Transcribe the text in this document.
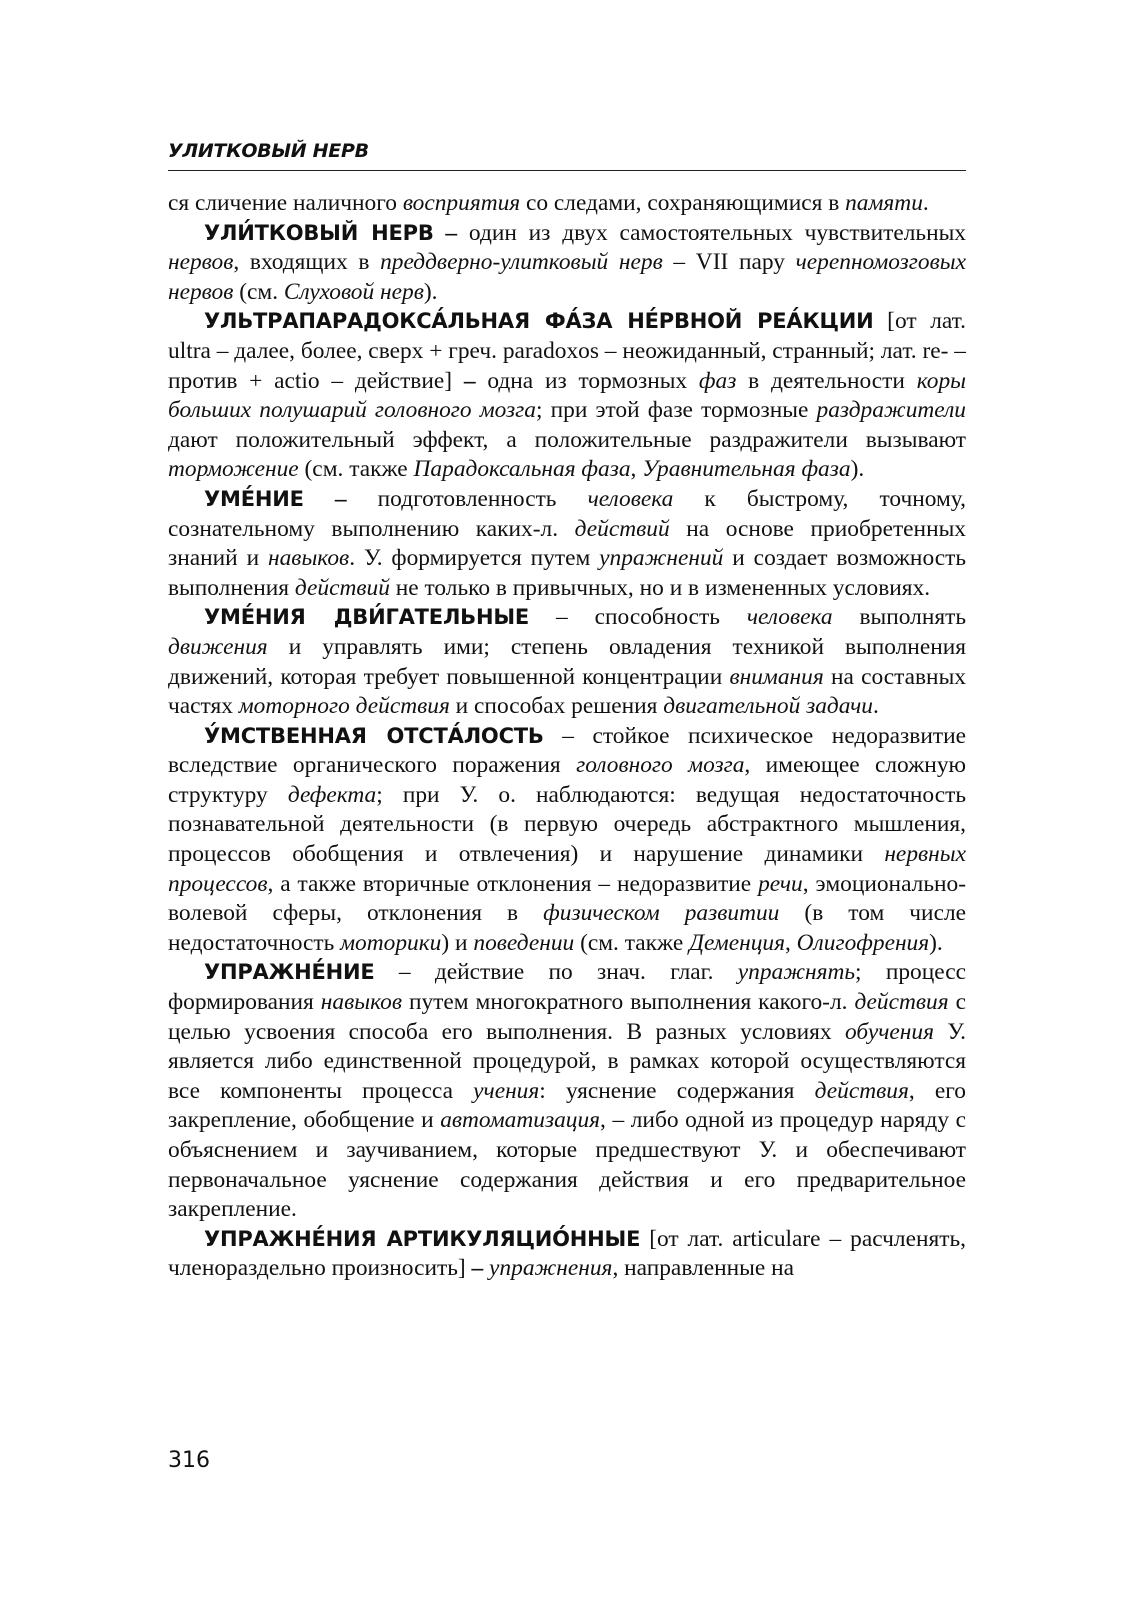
УЛИТКОВЫЙ НЕРВ

ся сличение наличного восприятия со следами, сохраняющимися в памяти.

УЛИ́ТКОВЫЙ НЕРВ – один из двух самостоятельных чувствительных нервов, входящих в преддверно-улитковый нерв – VII пару черепномозговых нервов (см. Слуховой нерв).

УЛЬТРАПАРАДОКСА́ЛЬНАЯ ФА́ЗА НЕ́РВНОЙ РЕА́КЦИИ [от лат. ultra – далее, более, сверх + греч. paradoxos – неожиданный, странный; лат. re- – против + actio – действие] – одна из тормозных фаз в деятельности коры больших полушарий головного мозга; при этой фазе тормозные раздражители дают положительный эффект, а положительные раздражители вызывают торможение (см. также Парадоксальная фаза, Уравнительная фаза).

УМЕ́НИЕ – подготовленность человека к быстрому, точному, сознательному выполнению каких-л. действий на основе приобретенных знаний и навыков. У. формируется путем упражнений и создает возможность выполнения действий не только в привычных, но и в измененных условиях.

УМЕ́НИЯ ДВИ́ГАТЕЛЬНЫЕ – способность человека выполнять движения и управлять ими; степень овладения техникой выполнения движений, которая требует повышенной концентрации внимания на составных частях моторного действия и способах решения двигательной задачи.

У́МСТВЕННАЯ ОТСТА́ЛОСТЬ – стойкое психическое недоразвитие вследствие органического поражения головного мозга, имеющее сложную структуру дефекта; при У. о. наблюдаются: ведущая недостаточность познавательной деятельности (в первую очередь абстрактного мышления, процессов обобщения и отвлечения) и нарушение динамики нервных процессов, а также вторичные отклонения – недоразвитие речи, эмоционально-волевой сферы, отклонения в физическом развитии (в том числе недостаточность моторики) и поведении (см. также Деменция, Олигофрения).

УПРАЖНЕ́НИЕ – действие по знач. глаг. упражнять; процесс формирования навыков путем многократного выполнения какого-л. действия с целью усвоения способа его выполнения. В разных условиях обучения У. является либо единственной процедурой, в рамках которой осуществляются все компоненты процесса учения: уяснение содержания действия, его закрепление, обобщение и автоматизация, – либо одной из процедур наряду с объяснением и заучиванием, которые предшествуют У. и обеспечивают первоначальное уяснение содержания действия и его предварительное закрепление.

УПРАЖНЕ́НИЯ АРТИКУЛЯЦИО́ННЫЕ [от лат. articulare – расчленять, членораздельно произносить] – упражнения, направленные на

316
